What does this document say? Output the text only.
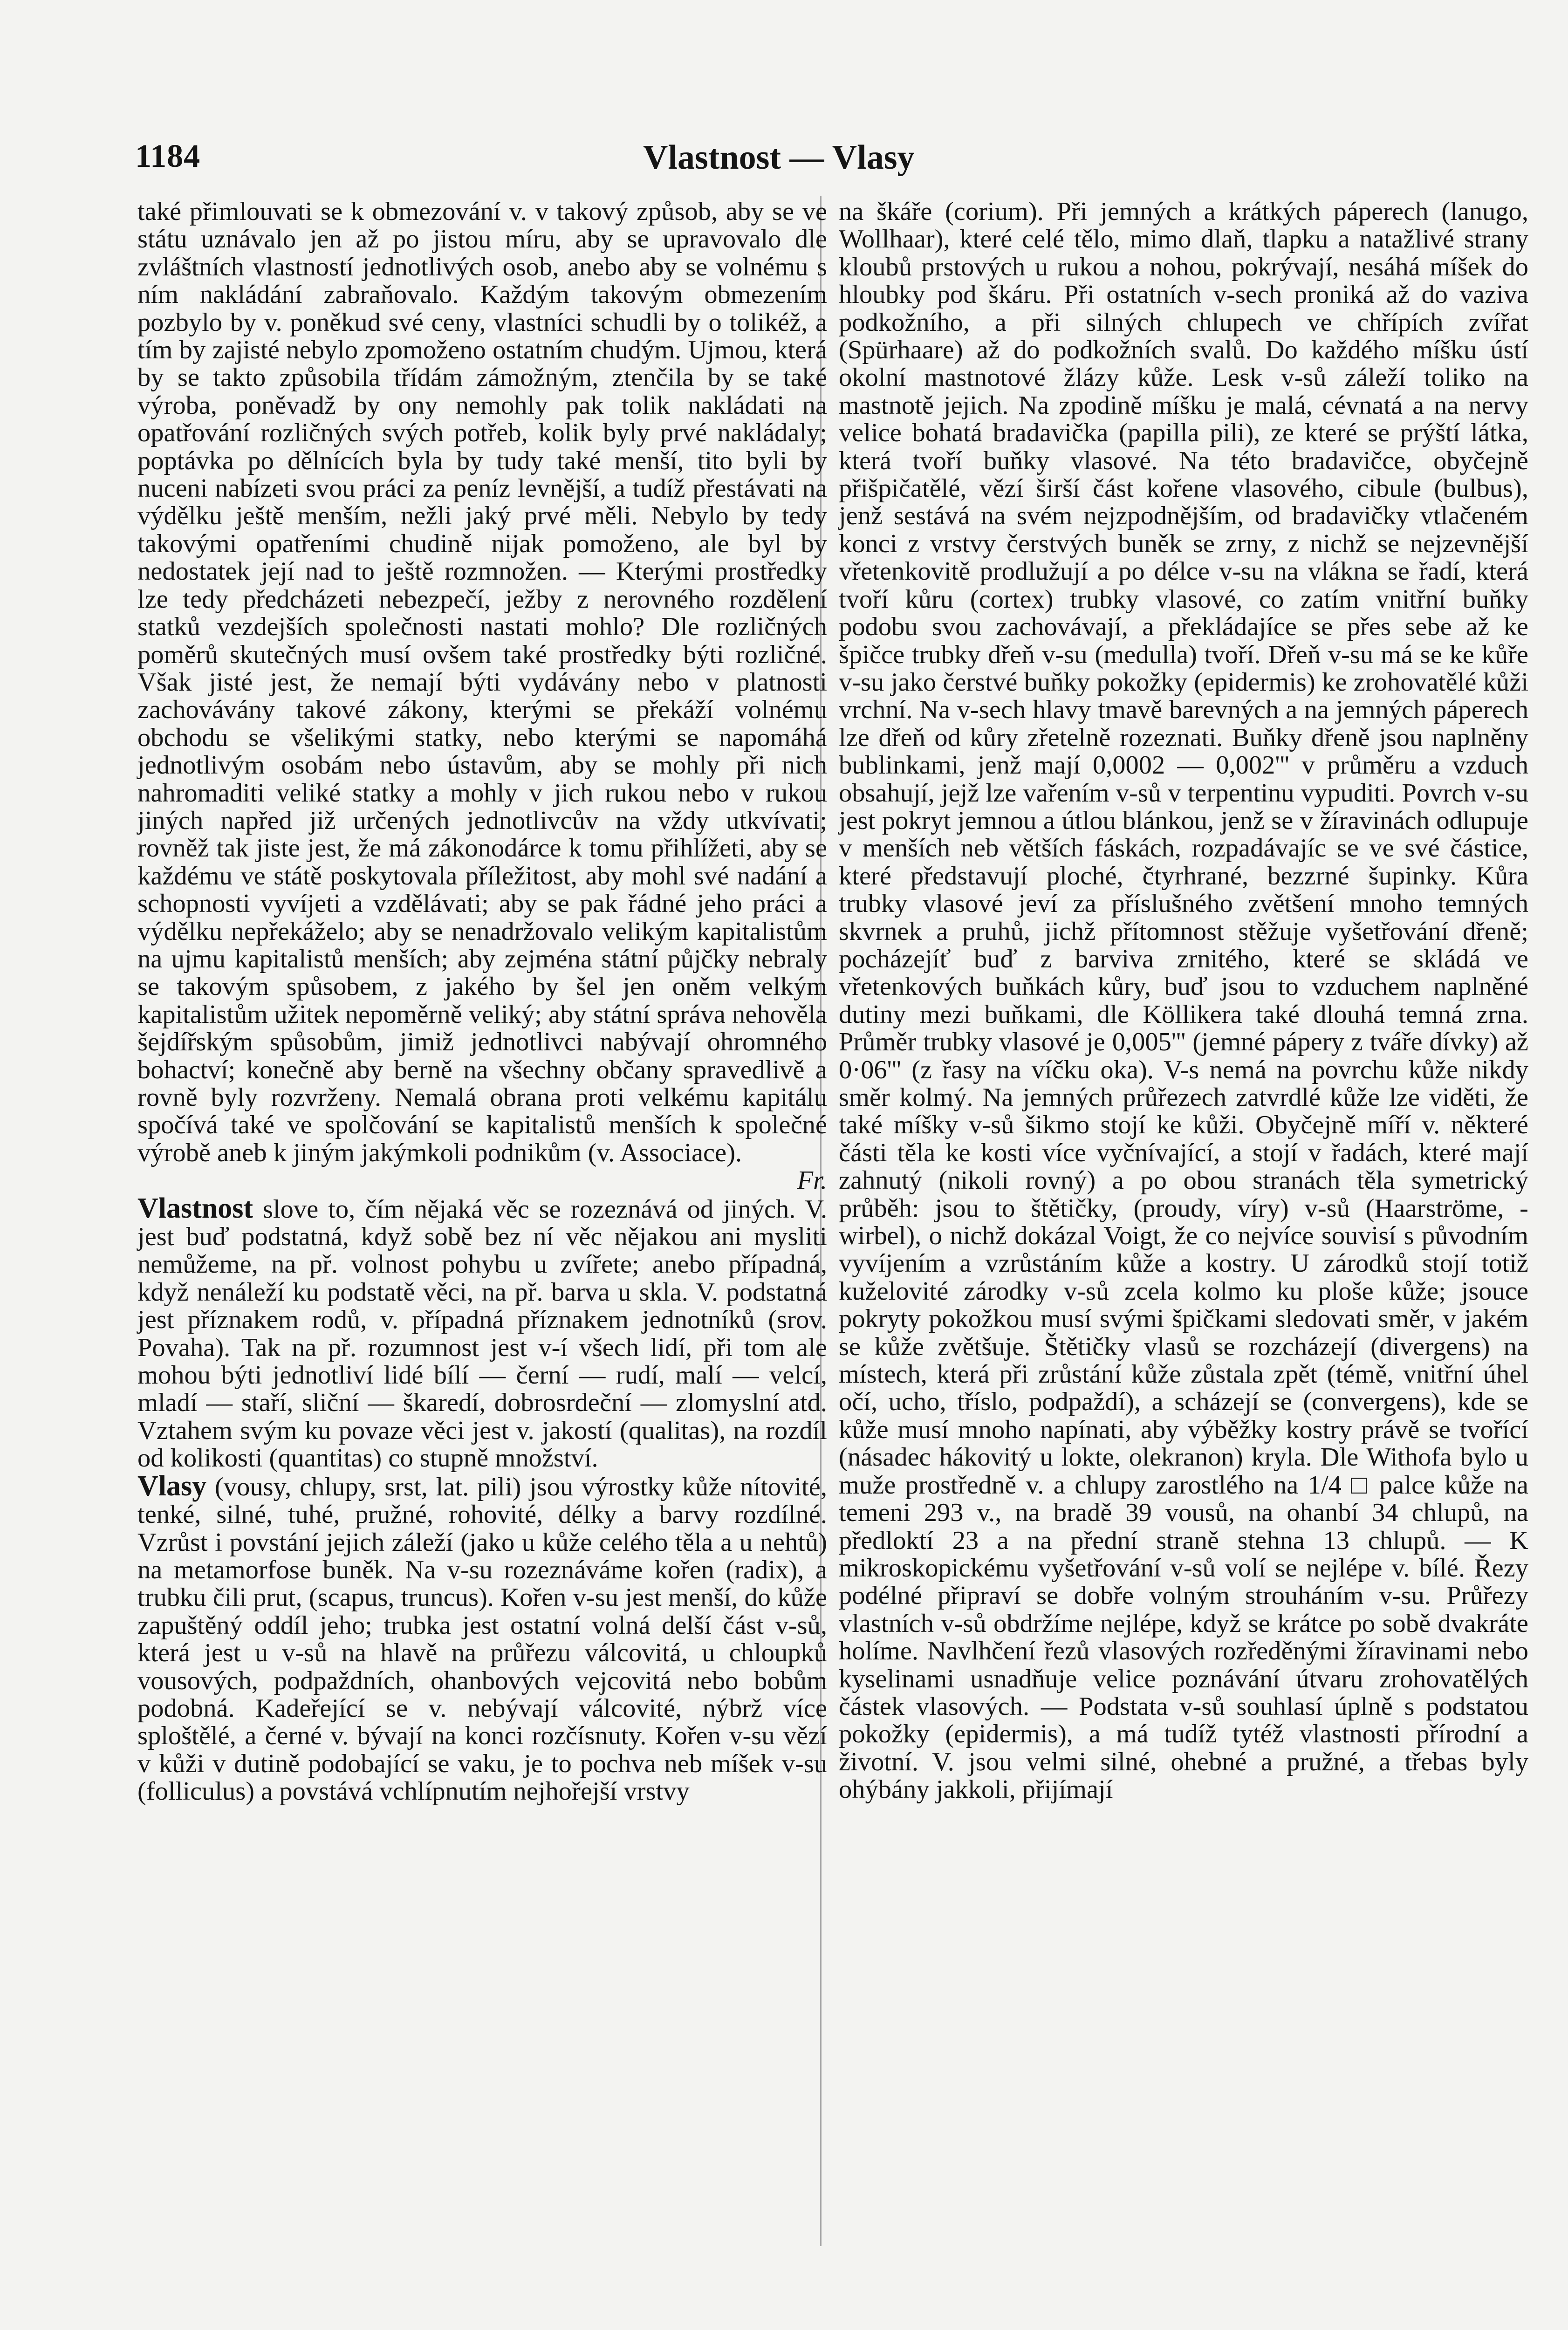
1184	Vlastnost — Vlasy

také přimlouvati se k obmezování v. v takový způsob, aby se ve státu uznávalo jen až po jistou míru, aby se upravovalo dle zvláštních vlastností jednotlivých osob, anebo aby se volnému s ním nakládání zabraňovalo. Každým takovým obmezením pozbylo by v. poněkud své ceny, vlastníci schudli by o tolikéž, a tím by zajisté nebylo zpomoženo ostatním chudým. Ujmou, která by se takto způsobila třídám zámožným, ztenčila by se také výroba, poněvadž by ony nemohly pak tolik nakládati na opatřování rozličných svých potřeb, kolik byly prvé nakládaly; poptávka po dělnících byla by tudy také menší, tito byli by nuceni nabízeti svou práci za peníz levnější, a tudíž přestávati na výdělku ještě menším, nežli jaký prvé měli. Nebylo by tedy takovými opatřeními chudině nijak pomoženo, ale byl by nedostatek její nad to ještě rozmnožen. — Kterými prostředky lze tedy předcházeti nebezpečí, ježby z nerovného rozdělení statků vezdejších společnosti nastati mohlo? Dle rozličných poměrů skutečných musí ovšem také prostředky býti rozličné. Však jisté jest, že nemají býti vydávány nebo v platnosti zachovávány takové zákony, kterými se překáží volnému obchodu se všelikými statky, nebo kterými se napomáhá jednotlivým osobám nebo ústavům, aby se mohly při nich nahromaditi veliké statky a mohly v jich rukou nebo v rukou jiných napřed již určených jednotlivcův na vždy utkvívati; rovněž tak jiste jest, že má zákonodárce k tomu přihlížeti, aby se každému ve státě poskytovala příležitost, aby mohl své nadání a schopnosti vyvíjeti a vzdělávati; aby se pak řádné jeho práci a výdělku nepřekáželo; aby se nenadržovalo velikým kapitalistům na ujmu kapitalistů menších; aby zejména státní půjčky nebraly se takovým spůsobem, z jakého by šel jen oněm velkým kapitalistům užitek nepoměrně veliký; aby státní správa nehověla šejdířským spůsobům, jimiž jednotlivci nabývají ohromného bohactví; konečně aby berně na všechny občany spravedlivě a rovně byly rozvrženy. Nemalá obrana proti velkému kapitálu spočívá také ve spolčování se kapitalistů menších k společné výrobě aneb k jiným jakýmkoli podnikům (v. Associace).

Fr.

Vlastnost slove to, čím nějaká věc se rozeznává od jiných. V. jest buď podstatná, když sobě bez ní věc nějakou ani mysliti nemůžeme, na př. volnost pohybu u zvířete; anebo případná, když nenáleží ku podstatě věci, na př. barva u skla. V. podstatná jest příznakem rodů, v. případná příznakem jednotníků (srov. Povaha). Tak na př. rozumnost jest v-í všech lidí, při tom ale mohou býti jednotliví lidé bílí — černí — rudí, malí — velcí, mladí — staří, sliční — škaredí, dobrosrdeční — zlomyslní atd. Vztahem svým ku povaze věci jest v. jakostí (qualitas), na rozdíl od kolikosti (quantitas) co stupně množství.

Vlasy (vousy, chlupy, srst, lat. pili) jsou výrostky kůže nítovité, tenké, silné, tuhé, pružné, rohovité, délky a barvy rozdílné. Vzrůst i povstání jejich záleží (jako u kůže celého těla a u nehtů) na metamorfose buněk. Na v-su rozeznáváme kořen (radix), a trubku čili prut, (scapus, truncus). Kořen v-su jest menší, do kůže zapuštěný oddíl jeho; trubka jest ostatní volná delší část v-sů, která jest u v-sů na hlavě na průřezu válcovitá, u chloupků vousových, podpaždních, ohanbových vejcovitá nebo bobům podobná. Kadeřející se v. nebývají válcovité, nýbrž více sploštělé, a černé v. bývají na konci rozčísnuty. Kořen v-su vězí v kůži v dutině podobající se vaku, je to pochva neb míšek v-su (folliculus) a povstává vchlípnutím nejhořejší vrstvy

na škáře (corium). Při jemných a krátkých páperech (lanugo, Wollhaar), které celé tělo, mimo dlaň, tlapku a natažlivé strany kloubů prstových u rukou a nohou, pokrývají, nesáhá míšek do hloubky pod škáru. Při ostatních v-sech proniká až do vaziva podkožního, a při silných chlupech ve chřípích zvířat (Spürhaare) až do podkožních svalů. Do každého míšku ústí okolní mastnotové žlázy kůže. Lesk v-sů záleží toliko na mastnotě jejich. Na zpodině míšku je malá, cévnatá a na nervy velice bohatá bradavička (papilla pili), ze které se prýští látka, která tvoří buňky vlasové. Na této bradavičce, obyčejně přišpičatělé, vězí širší část kořene vlasového, cibule (bulbus), jenž sestává na svém nejzpodnějším, od bradavičky vtlačeném konci z vrstvy čerstvých buněk se zrny, z nichž se nejzevnější vřetenkovitě prodlužují a po délce v-su na vlákna se řadí, která tvoří kůru (cortex) trubky vlasové, co zatím vnitřní buňky podobu svou zachovávají, a překládajíce se přes sebe až ke špičce trubky dřeň v-su (medulla) tvoří. Dřeň v-su má se ke kůře v-su jako čerstvé buňky pokožky (epidermis) ke zrohovatělé kůži vrchní. Na v-sech hlavy tmavě barevných a na jemných páperech lze dřeň od kůry zřetelně rozeznati. Buňky dřeně jsou naplněny bublinkami, jenž mají 0,0002 — 0,002''' v průměru a vzduch obsahují, jejž lze vařením v-sů v terpentinu vypuditi. Povrch v-su jest pokryt jemnou a útlou blánkou, jenž se v žíravinách odlupuje v menších neb větších fáskách, rozpadávajíc se ve své částice, které představují ploché, čtyrhrané, bezzrné šupinky. Kůra trubky vlasové jeví za příslušného zvětšení mnoho temných skvrnek a pruhů, jichž přítomnost stěžuje vyšetřování dřeně; pocházejíť buď z barviva zrnitého, které se skládá ve vřetenkových buňkách kůry, buď jsou to vzduchem naplněné dutiny mezi buňkami, dle Köllikera také dlouhá temná zrna. Průměr trubky vlasové je 0,005''' (jemné pápery z tváře dívky) až 0·06''' (z řasy na víčku oka). V-s nemá na povrchu kůže nikdy směr kolmý. Na jemných průřezech zatvrdlé kůže lze viděti, že také míšky v-sů šikmo stojí ke kůži. Obyčejně míří v. některé části těla ke kosti více vyčnívající, a stojí v řadách, které mají zahnutý (nikoli rovný) a po obou stranách těla symetrický průběh: jsou to štětičky, (proudy, víry) v-sů (Haarströme, -wirbel), o nichž dokázal Voigt, že co nejvíce souvisí s původním vyvíjením a vzrůstáním kůže a kostry. U zárodků stojí totiž kuželovité zárodky v-sů zcela kolmo ku ploše kůže; jsouce pokryty pokožkou musí svými špičkami sledovati směr, v jakém se kůže zvětšuje. Štětičky vlasů se rozcházejí (divergens) na místech, která při zrůstání kůže zůstala zpět (témě, vnitřní úhel očí, ucho, tříslo, podpaždí), a scházejí se (convergens), kde se kůže musí mnoho napínati, aby výběžky kostry právě se tvořící (násadec hákovitý u lokte, olekranon) kryla. Dle Withofa bylo u muže prostředně v. a chlupy zarostlého na 1/4 □ palce kůže na temeni 293 v., na bradě 39 vousů, na ohanbí 34 chlupů, na předloktí 23 a na přední straně stehna 13 chlupů. — K mikroskopickému vyšetřování v-sů volí se nejlépe v. bílé. Řezy podélné připraví se dobře volným strouháním v-su. Průřezy vlastních v-sů obdržíme nejlépe, když se krátce po sobě dvakráte holíme. Navlhčení řezů vlasových rozředěnými žíravinami nebo kyselinami usnadňuje velice poznávání útvaru zrohovatělých částek vlasových. — Podstata v-sů souhlasí úplně s podstatou pokožky (epidermis), a má tudíž tytéž vlastnosti přírodní a životní. V. jsou velmi silné, ohebné a pružné, a třebas byly ohýbány jakkoli, přijímají
